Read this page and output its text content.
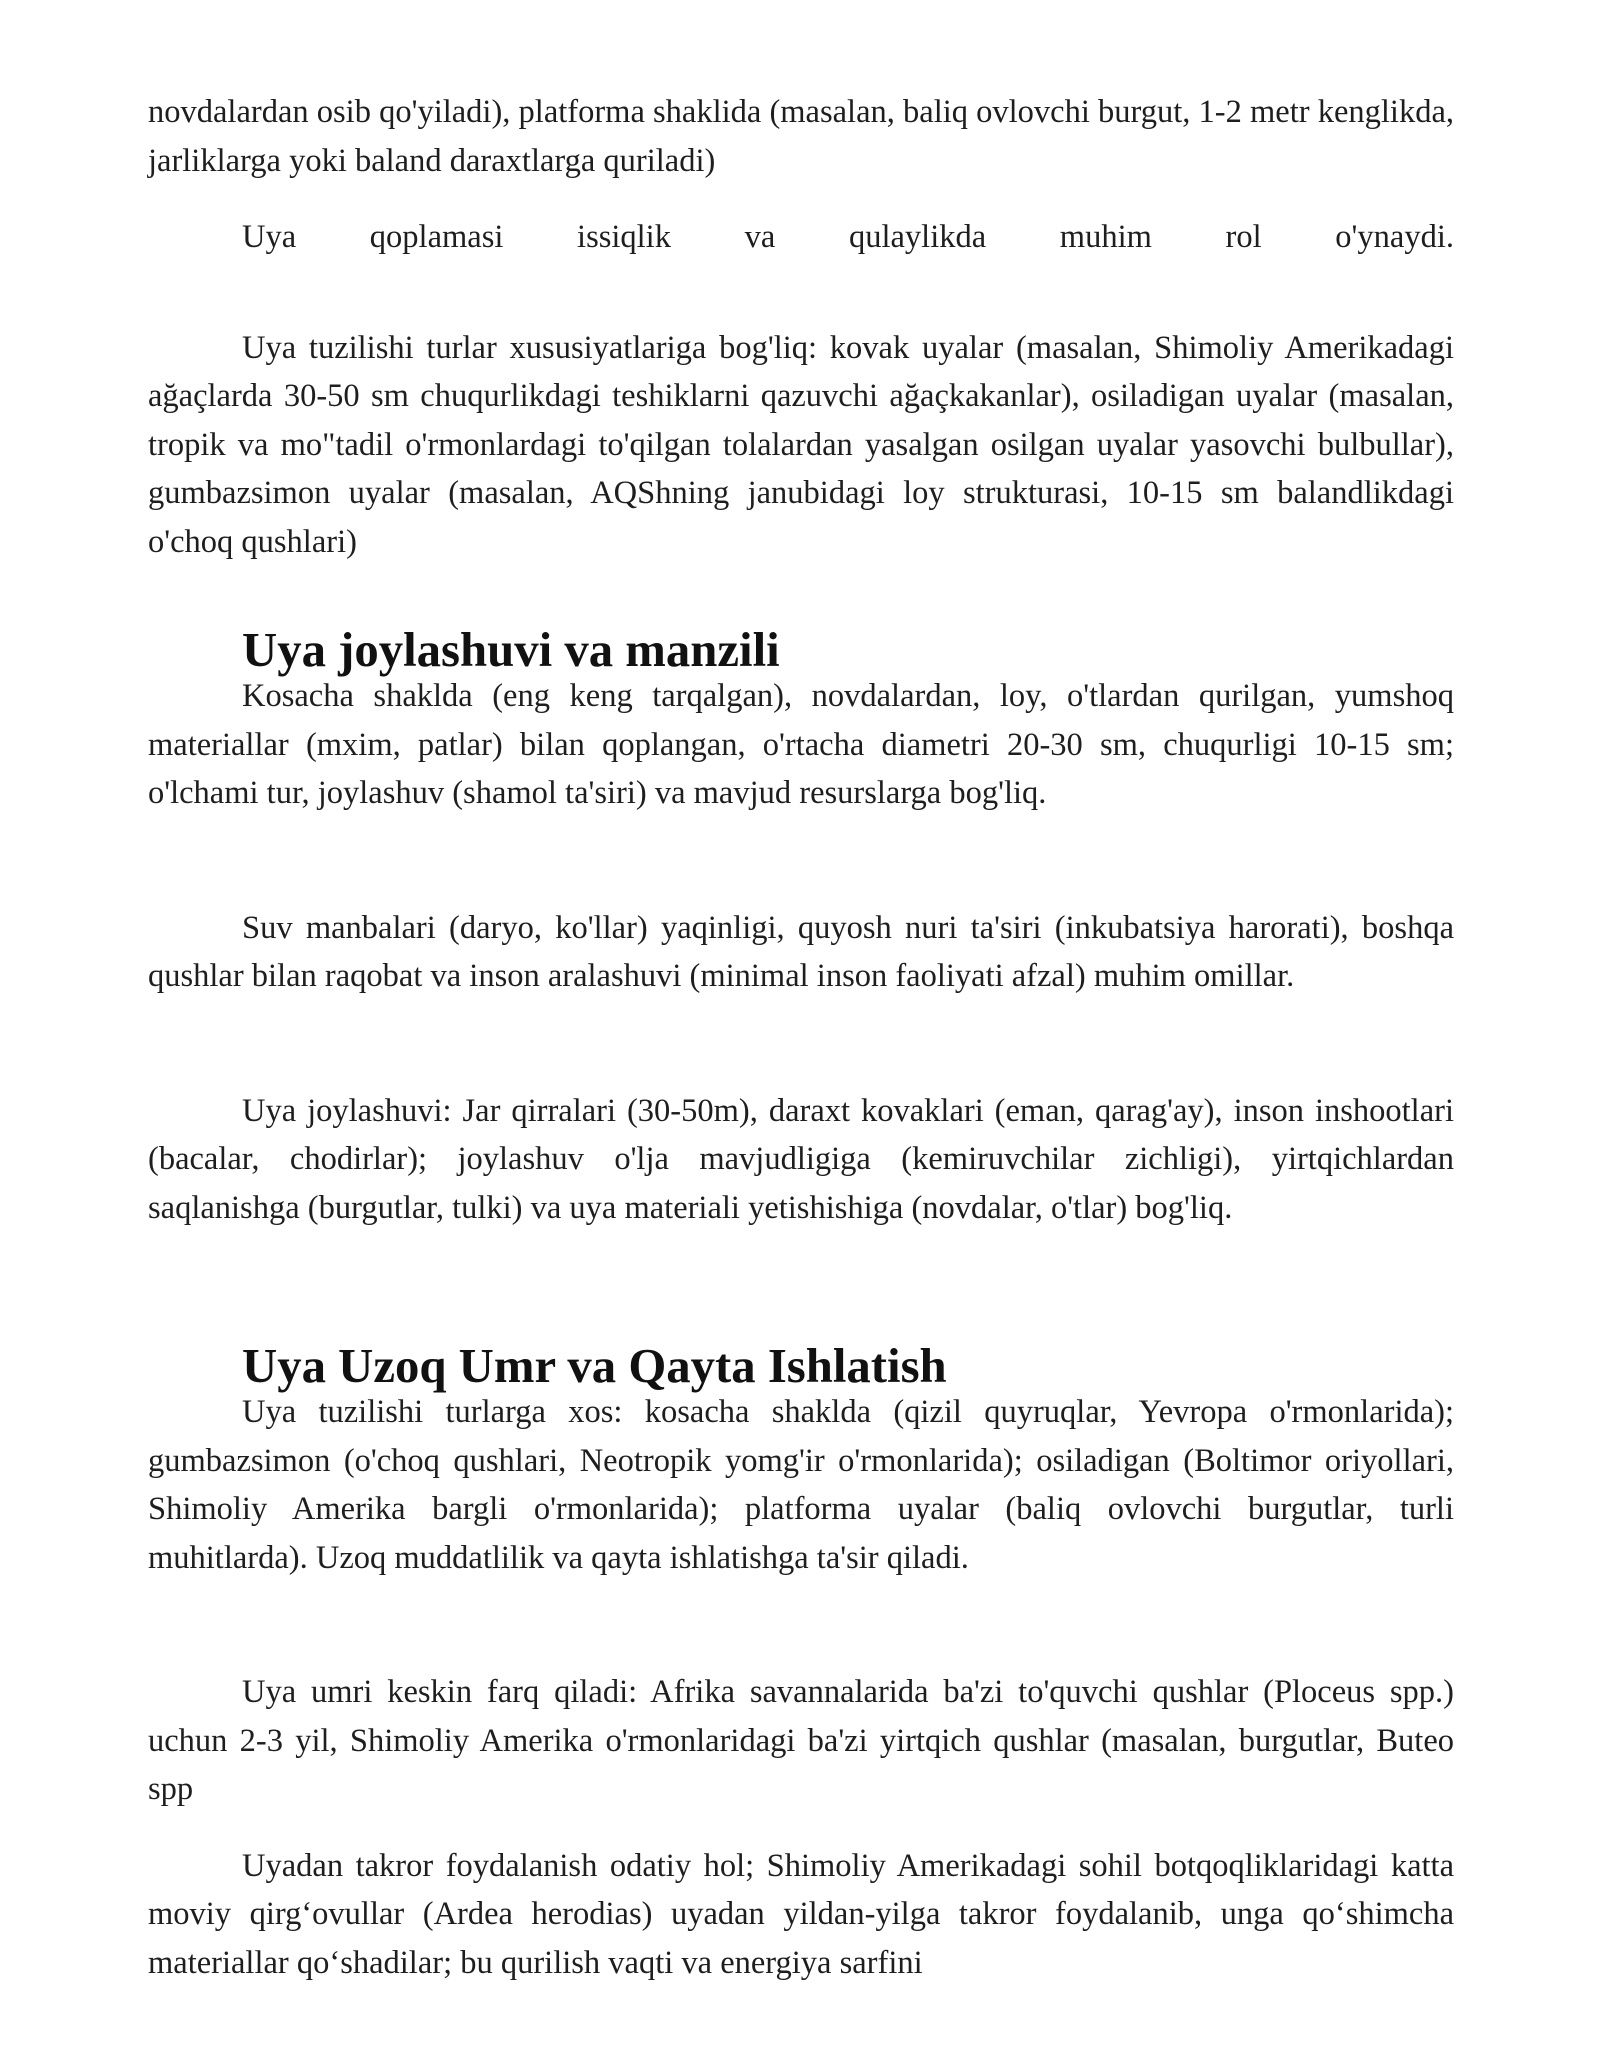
novdalardan osib qo'yiladi), platforma shaklida (masalan, baliq ovlovchi burgut, 1-2 metr kenglikda, jarliklarga yoki baland daraxtlarga quriladi)

Uya qoplamasi issiqlik va qulaylikda muhim rol o'ynaydi.

Uya tuzilishi turlar xususiyatlariga bog'liq: kovak uyalar (masalan, Shimoliy Amerikadagi ağaçlarda 30-50 sm chuqurlikdagi teshiklarni qazuvchi ağaçkakanlar), osiladigan uyalar (masalan, tropik va mo"tadil o'rmonlardagi to'qilgan tolalardan yasalgan osilgan uyalar yasovchi bulbullar), gumbazsimon uyalar (masalan, AQShning janubidagi loy strukturasi, 10-15 sm balandlikdagi o'choq qushlari)

Uya joylashuvi va manzili

Kosacha shaklda (eng keng tarqalgan), novdalardan, loy, o'tlardan qurilgan, yumshoq materiallar (mxim, patlar) bilan qoplangan, o'rtacha diametri 20-30 sm, chuqurligi 10-15 sm; o'lchami tur, joylashuv (shamol ta'siri) va mavjud resurslarga bog'liq.

Suv manbalari (daryo, ko'llar) yaqinligi, quyosh nuri ta'siri (inkubatsiya harorati), boshqa qushlar bilan raqobat va inson aralashuvi (minimal inson faoliyati afzal) muhim omillar.

Uya joylashuvi: Jar qirralari (30-50m), daraxt kovaklari (eman, qarag'ay), inson inshootlari (bacalar, chodirlar); joylashuv o'lja mavjudligiga (kemiruvchilar zichligi), yirtqichlardan saqlanishga (burgutlar, tulki) va uya materiali yetishishiga (novdalar, o'tlar) bog'liq.

Uya Uzoq Umr va Qayta Ishlatish

Uya tuzilishi turlarga xos: kosacha shakldа (qizil quyruqlar, Yevropa o'rmonlarida); gumbazsimon (o'choq qushlari, Neotropik yomg'ir o'rmonlarida); osiladigan (Boltimor oriyollari, Shimoliy Amerika bargli o'rmonlarida); platforma uyalar (baliq ovlovchi burgutlar, turli muhitlarda). Uzoq muddatlilik va qayta ishlatishga ta'sir qiladi.

Uya umri keskin farq qiladi: Afrika savannalarida ba'zi to'quvchi qushlar (Ploceus spp.) uchun 2-3 yil, Shimoliy Amerika o'rmonlaridagi ba'zi yirtqich qushlar (masalan, burgutlar, Buteo spp

Uyadan takror foydalanish odatiy hol; Shimoliy Amerikadagi sohil botqoqliklaridagi katta moviy qirgʻovullar (Ardea herodias) uyadan yildan-yilga takror foydalanib, unga qoʻshimcha materiallar qoʻshadilar; bu qurilish vaqti va energiya sarfini
